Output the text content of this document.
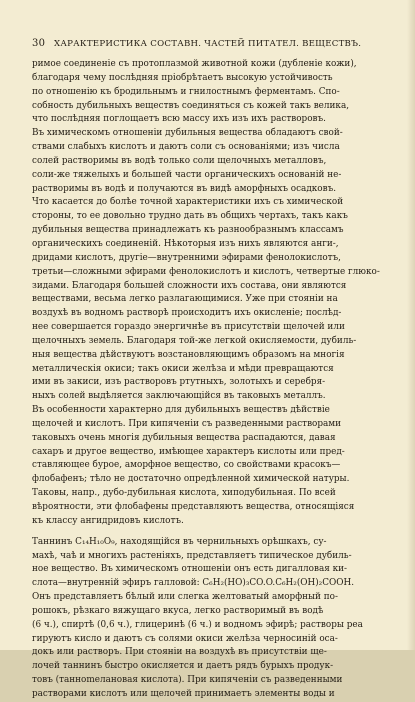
30 ХАРАКТЕРИСТИКА СОСТАВН. ЧАСТЕЙ ПИТАТЕЛ. ВЕЩЕСТВЪ.
римое соединеніе съ протоплазмой животной кожи (дубленіе кожи),
благодаря чему послѣдняя пріобрѣтаетъ высокую устойчивость
по отношенію къ бродильнымъ и гнилостнымъ ферментамъ. Спо-
собность дубильныхъ веществъ соединяться съ кожей такъ велика,
что послѣдняя поглощаетъ всю массу ихъ изъ ихъ растворовъ.
Въ химическомъ отношеніи дубильныя вещества обладаютъ свой-
ствами слабыхъ кислотъ и даютъ соли съ основаніями; изъ числа
солей растворимы въ водѣ только соли щелочныхъ металловъ,
соли-же тяжелыхъ и большей части органическихъ основаній не-
растворимы въ водѣ и получаются въ видѣ аморфныхъ осадковъ.
Что касается до болѣе точной характеристики ихъ съ химической
стороны, то ее довольно трудно дать въ общихъ чертахъ, такъ какъ
дубильныя вещества принадлежатъ къ разнообразнымъ классамъ
органическихъ соединеній. Нѣкоторыя изъ нихъ являются анги-,
дридами кислотъ, другіе—внутренними эфирами фенолокислотъ,
третьи—сложными эфирами фенолокислотъ и кислотъ, четвертые глюко-
зидами. Благодаря большей сложности ихъ состава, они являются
веществами, весьма легко разлагающимися. Уже при стояніи на
воздухѣ въ водномъ растворѣ происходитъ ихъ окисленіе; послѣд-
нее совершается гораздо энергичнѣе въ присутствіи щелочей или
щелочныхъ земель. Благодаря той-же легкой окисляемости, дубиль-
ныя вещества дѣйствуютъ возстановляющимъ образомъ на многія
металлическія окиси; такъ окиси желѣза и мѣди превращаются
ими въ закиси, изъ растворовъ ртутныхъ, золотыхъ и серебря-
ныхъ солей выдѣляется заключающійся въ таковыхъ металлъ.
Въ особенности характерно для дубильныхъ веществъ дѣйствіе
щелочей и кислотъ. При кипяченіи съ разведенными растворами
таковыхъ очень многія дубильныя вещества распадаются, давая
сахаръ и другое вещество, имѣющее характеръ кислоты или пред-
ставляющее бурое, аморфное вещество, со свойствами красокъ—
флобафенъ; тѣло не достаточно опредѣленной химической натуры.
Таковы, напр., дубо-дубильная кислота, хиподубильная. По всей
вѣроятности, эти флобафены представляютъ вещества, относящіяся
къ классу ангидридовъ кислотъ.
Таннинъ C₁₄H₁₀O₉, находящійся въ чернильныхъ орѣшкахъ, су-
махѣ, чаѣ и многихъ растеніяхъ, представляетъ типическое дубиль-
ное вещество. Въ химическомъ отношеніи онъ есть дигалловая ки-
слота—внутренній эфиръ галловой: C₆H₂(HO)₃CO.O.C₆H₂(OH)₂COOH.
Онъ представляетъ бѣлый или слегка желтоватый аморфный по-
рошокъ, рѣзкаго вяжущаго вкуса, легко растворимый въ водѣ
(6 ч.), спиртѣ (0,6 ч.), глицеринѣ (6 ч.) и водномъ эфирѣ; растворы реа
гируютъ кисло и даютъ съ солями окиси желѣза черносиній оса-
докъ или растворъ. При стояніи на воздухѣ въ присутствіи ще-
лочей таннинъ быстро окисляется и даетъ рядъ бурыхъ продук-
товъ (таннomелановая кислота). При кипяченіи съ разведенными
растворами кислотъ или щелочей принимаетъ элементы воды и
